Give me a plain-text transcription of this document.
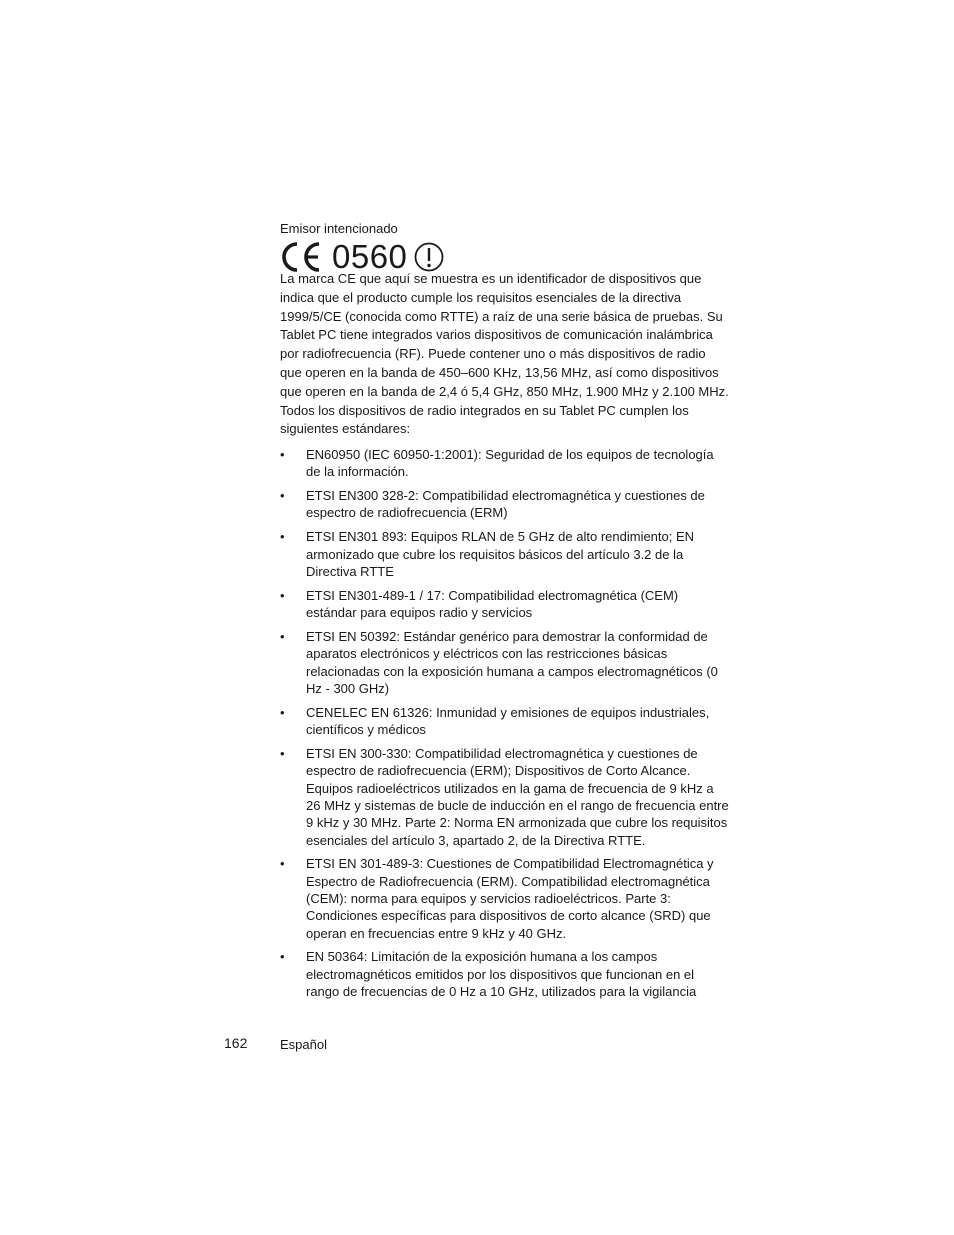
Emisor intencionado
0560

La marca CE que aquí se muestra es un identificador de dispositivos que indica que el producto cumple los requisitos esenciales de la directiva 1999/5/CE (conocida como RTTE) a raíz de una serie básica de pruebas. Su Tablet PC tiene integrados varios dispositivos de comunicación inalámbrica por radiofrecuencia (RF). Puede contener uno o más dispositivos de radio que operen en la banda de 450–600 KHz, 13,56 MHz, así como dispositivos que operen en la banda de 2,4 ó 5,4 GHz, 850 MHz, 1.900 MHz y 2.100 MHz. Todos los dispositivos de radio integrados en su Tablet PC cumplen los siguientes estándares:

• EN60950 (IEC 60950-1:2001): Seguridad de los equipos de tecnología de la información.
• ETSI EN300 328-2: Compatibilidad electromagnética y cuestiones de espectro de radiofrecuencia (ERM)
• ETSI EN301 893: Equipos RLAN de 5 GHz de alto rendimiento; EN armonizado que cubre los requisitos básicos del artículo 3.2 de la Directiva RTTE
• ETSI EN301-489-1 / 17: Compatibilidad electromagnética (CEM) estándar para equipos radio y servicios
• ETSI EN 50392: Estándar genérico para demostrar la conformidad de aparatos electrónicos y eléctricos con las restricciones básicas relacionadas con la exposición humana a campos electromagnéticos (0 Hz - 300 GHz)
• CENELEC EN 61326: Inmunidad y emisiones de equipos industriales, científicos y médicos
• ETSI EN 300-330: Compatibilidad electromagnética y cuestiones de espectro de radiofrecuencia (ERM); Dispositivos de Corto Alcance. Equipos radioeléctricos utilizados en la gama de frecuencia de 9 kHz a 26 MHz y sistemas de bucle de inducción en el rango de frecuencia entre 9 kHz y 30 MHz. Parte 2: Norma EN armonizada que cubre los requisitos esenciales del artículo 3, apartado 2, de la Directiva RTTE.
• ETSI EN 301-489-3: Cuestiones de Compatibilidad Electromagnética y Espectro de Radiofrecuencia (ERM). Compatibilidad electromagnética (CEM): norma para equipos y servicios radioeléctricos. Parte 3: Condiciones específicas para dispositivos de corto alcance (SRD) que operan en frecuencias entre 9 kHz y 40 GHz.
• EN 50364: Limitación de la exposición humana a los campos electromagnéticos emitidos por los dispositivos que funcionan en el rango de frecuencias de 0 Hz a 10 GHz, utilizados para la vigilancia
162	Español
